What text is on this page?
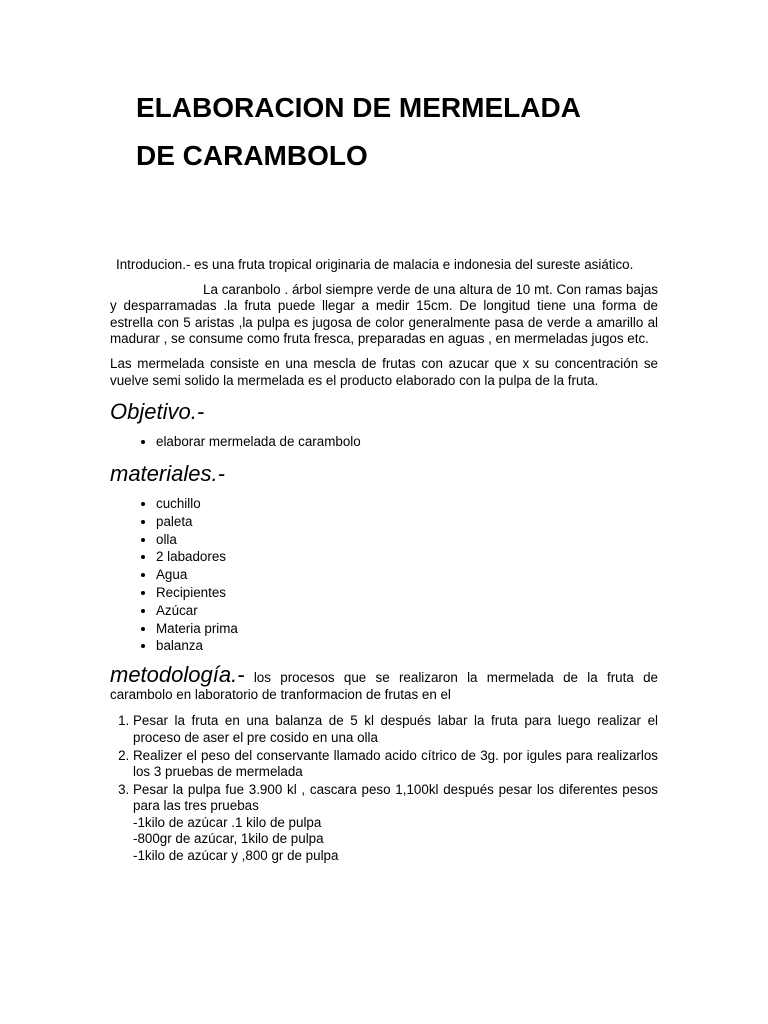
ELABORACION DE MERMELADA
DE CARAMBOLO

Introducion.- es una fruta tropical originaria de malacia e indonesia del sureste asiático.

La caranbolo . árbol siempre verde de una altura de 10 mt. Con ramas bajas y desparramadas .la fruta puede llegar a medir 15cm. De longitud tiene una forma de estrella con 5 aristas ,la pulpa es jugosa de color generalmente pasa de verde a amarillo al madurar , se consume como fruta fresca, preparadas en aguas , en mermeladas jugos etc.

Las mermelada consiste en una mescla de frutas con azucar que x su concentración se vuelve semi solido la mermelada es el producto elaborado con la pulpa de la fruta.

Objetivo.-
• elaborar mermelada de carambolo
materiales.-
• cuchillo
• paleta
• olla
• 2 labadores
• Agua
• Recipientes
• Azúcar
• Materia prima
• balanza

metodología.- los procesos que se realizaron la mermelada de la fruta de carambolo en laboratorio de tranformacion de frutas en el

1. Pesar la fruta en una balanza de 5 kl después labar la fruta para luego realizar el proceso de aser el pre cosido en una olla
2. Realizer el peso del conservante llamado acido cítrico de 3g. por igules para realizarlos los 3 pruebas de mermelada
3. Pesar la pulpa fue 3.900 kl , cascara peso 1,100kl después pesar los diferentes pesos para las tres pruebas
-1kilo de azúcar .1 kilo de pulpa
-800gr de azúcar, 1kilo de pulpa
-1kilo de azúcar y ,800 gr de pulpa
